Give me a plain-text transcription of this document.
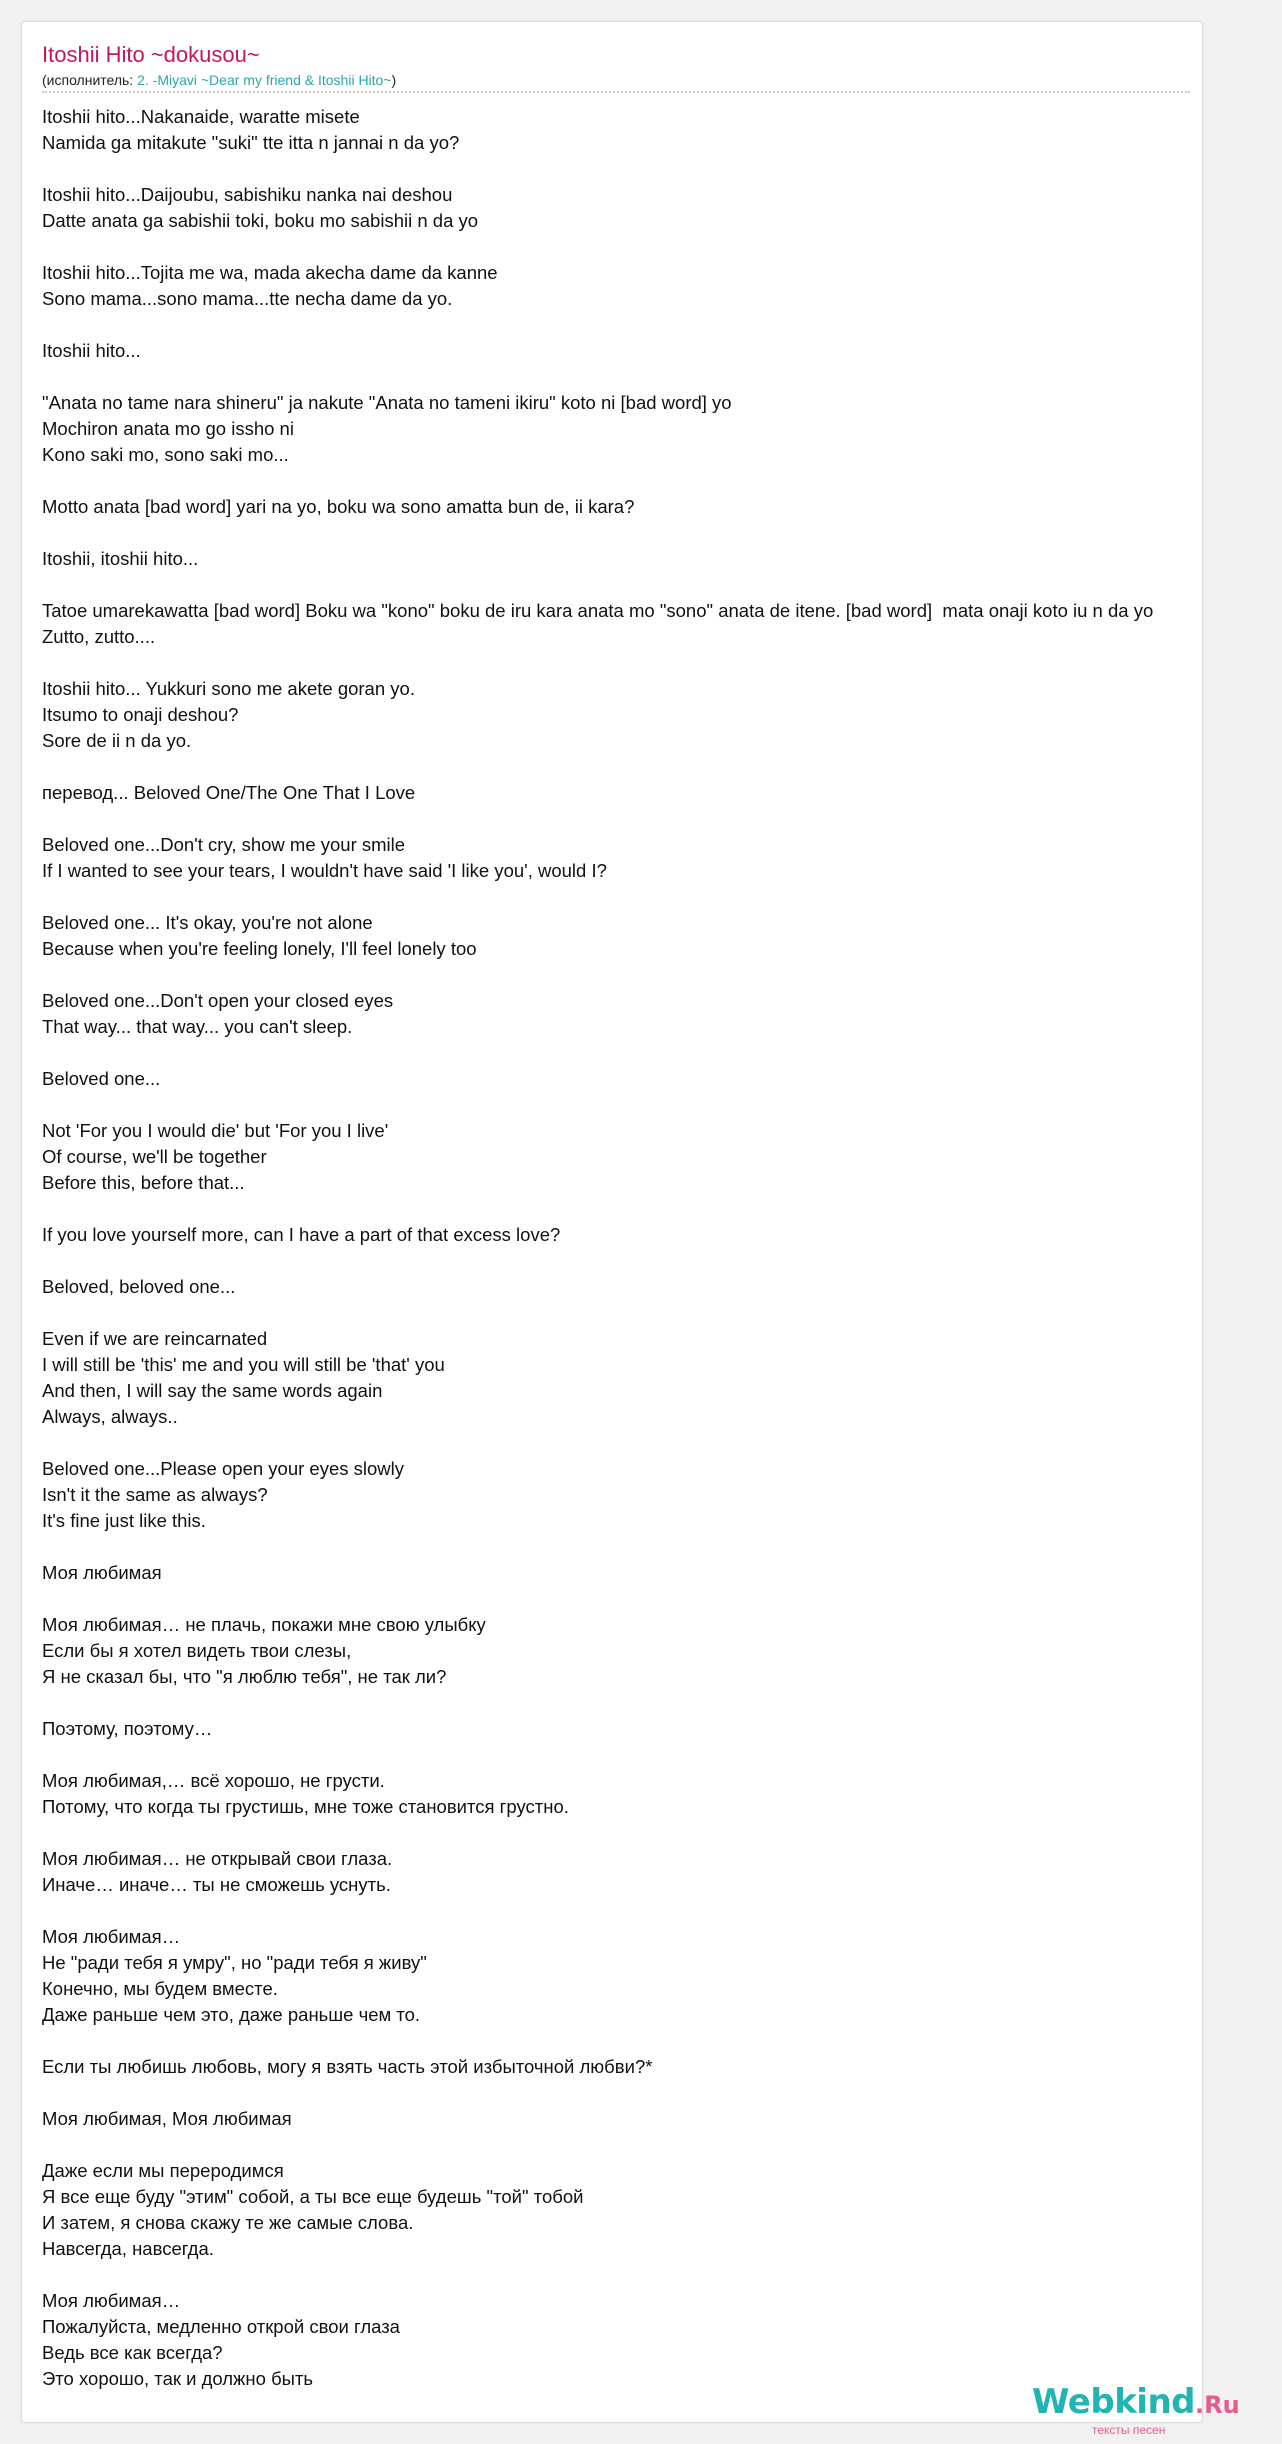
Itoshii Hito ~dokusou~
(исполнитель: 2. -Miyavi ~Dear my friend & Itoshii Hito~)
Itoshii hito...Nakanaide, waratte misete
Namida ga mitakute "suki" tte itta n jannai n da yo?
Itoshii hito...Daijoubu, sabishiku nanka nai deshou
Datte anata ga sabishii toki, boku mo sabishii n da yo
Itoshii hito...Tojita me wa, mada akecha dame da kanne
Sono mama...sono mama...tte necha dame da yo.
Itoshii hito...
"Anata no tame nara shineru" ja nakute "Anata no tameni ikiru" koto ni [bad word] yo
Mochiron anata mo go issho ni
Kono saki mo, sono saki mo...
Motto anata [bad word] yari na yo, boku wa sono amatta bun de, ii kara?
Itoshii, itoshii hito...
Tatoe umarekawatta [bad word] Boku wa "kono" boku de iru kara anata mo "sono" anata de itene. [bad word]  mata onaji koto iu n da yo
Zutto, zutto....
Itoshii hito... Yukkuri sono me akete goran yo.
Itsumo to onaji deshou?
Sore de ii n da yo.
перевод... Beloved One/The One That I Love
Beloved one...Don't cry, show me your smile
If I wanted to see your tears, I wouldn't have said 'I like you', would I?
Beloved one... It's okay, you're not alone
Because when you're feeling lonely, I'll feel lonely too
Beloved one...Don't open your closed eyes
That way... that way... you can't sleep.
Beloved one...
Not 'For you I would die' but 'For you I live'
Of course, we'll be together
Before this, before that...
If you love yourself more, can I have a part of that excess love?
Beloved, beloved one...
Even if we are reincarnated
I will still be 'this' me and you will still be 'that' you
And then, I will say the same words again
Always, always..
Beloved one...Please open your eyes slowly
Isn't it the same as always?
It's fine just like this.
Моя любимая
Моя любимая… не плачь, покажи мне свою улыбку
Если бы я хотел видеть твои слезы,
Я не сказал бы, что "я люблю тебя", не так ли?
Поэтому, поэтому…
Моя любимая,… всё хорошо, не грусти.
Потому, что когда ты грустишь, мне тоже становится грустно.
Моя любимая… не открывай свои глаза.
Иначе… иначе… ты не сможешь уснуть.
Моя любимая…
Не "ради тебя я умру", но "ради тебя я живу"
Конечно, мы будем вместе.
Даже раньше чем это, даже раньше чем то.
Если ты любишь любовь, могу я взять часть этой избыточной любви?*
Моя любимая, Моя любимая
Даже если мы переродимся
Я все еще буду "этим" собой, а ты все еще будешь "той" тобой
И затем, я снова скажу те же самые слова.
Навсегда, навсегда.
Моя любимая…
Пожалуйста, медленно открой свои глаза
Ведь все как всегда?
Это хорошо, так и должно быть
Webkind.Ru
тексты песен
